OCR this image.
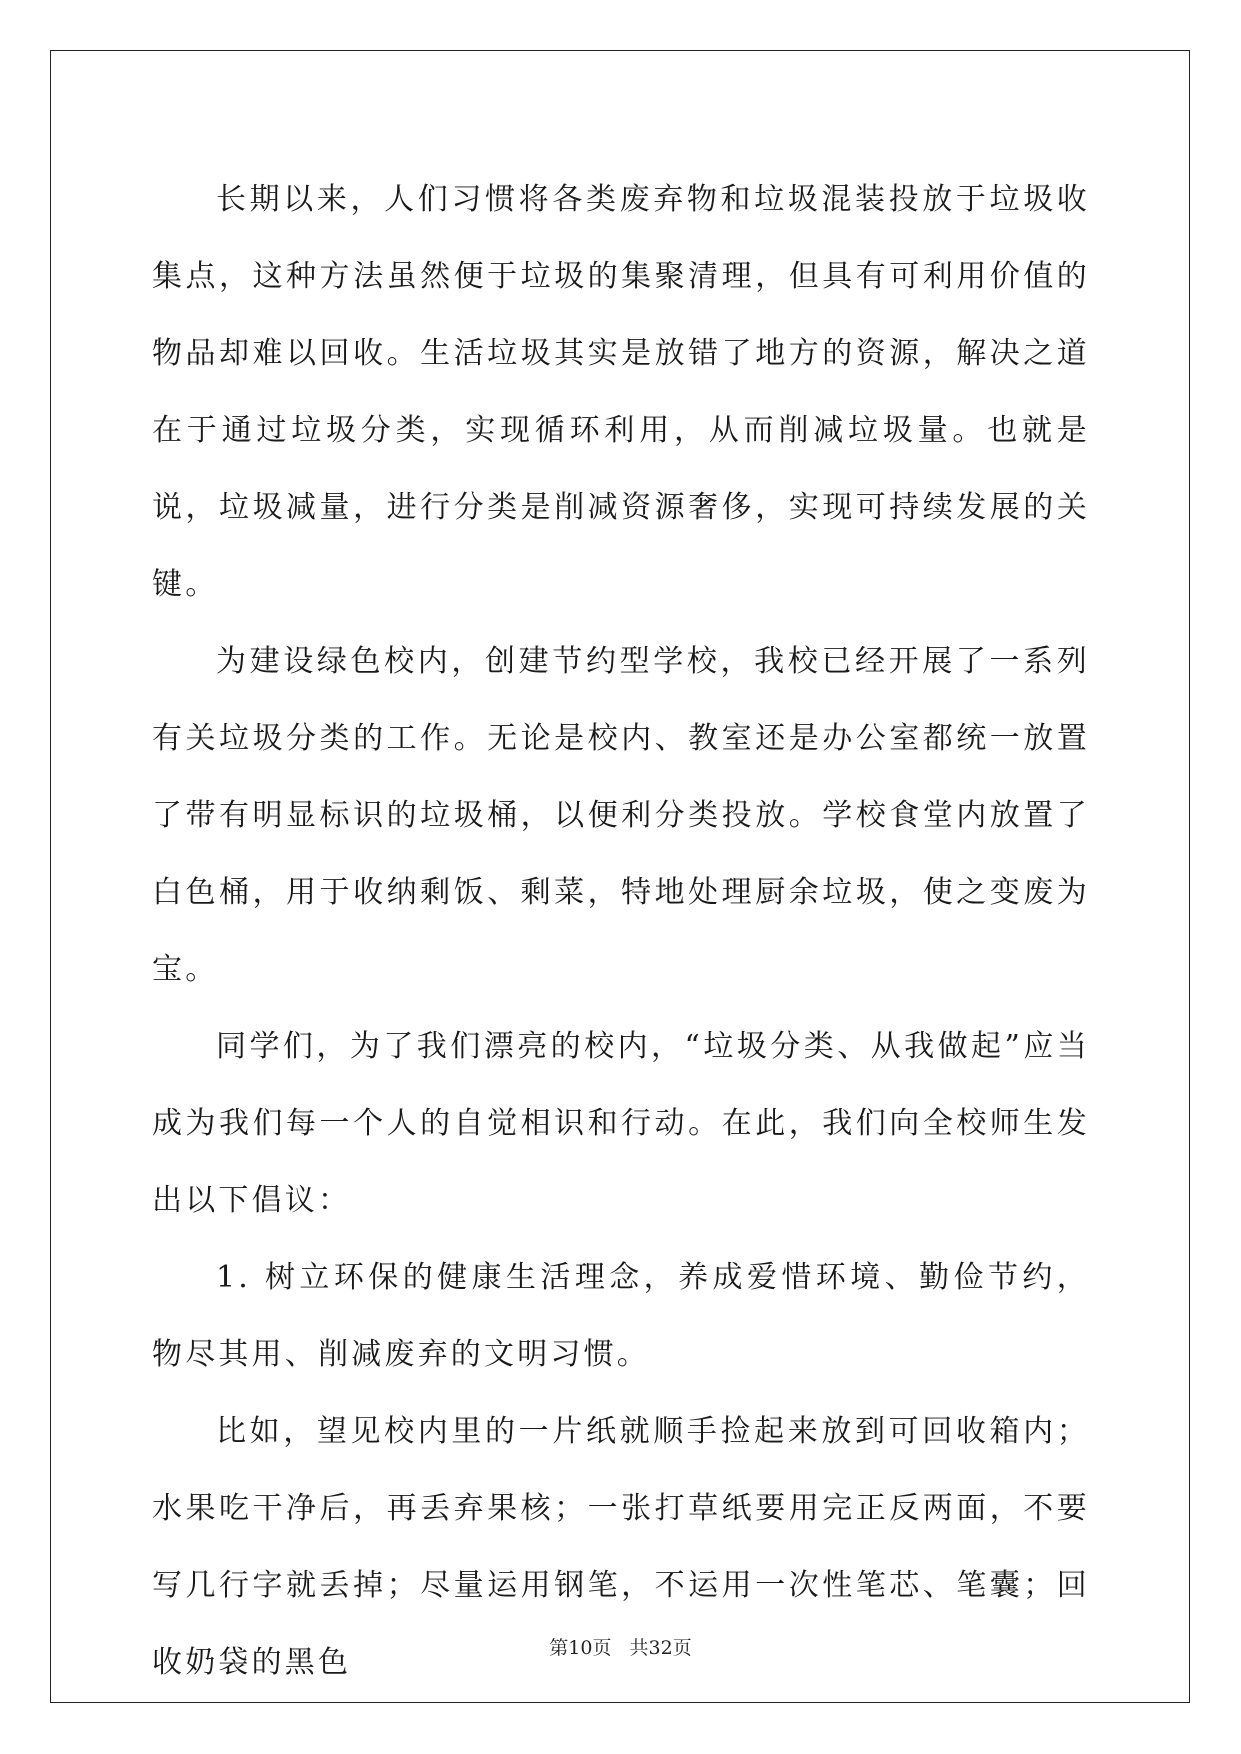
长期以来，人们习惯将各类废弃物和垃圾混装投放于垃圾收集点，这种方法虽然便于垃圾的集聚清理，但具有可利用价值的物品却难以回收。生活垃圾其实是放错了地方的资源，解决之道在于通过垃圾分类，实现循环利用，从而削减垃圾量。也就是说，垃圾减量，进行分类是削减资源奢侈，实现可持续发展的关键。

为建设绿色校内，创建节约型学校，我校已经开展了一系列有关垃圾分类的工作。无论是校内、教室还是办公室都统一放置了带有明显标识的垃圾桶，以便利分类投放。学校食堂内放置了白色桶，用于收纳剩饭、剩菜，特地处理厨余垃圾，使之变废为宝。

同学们，为了我们漂亮的校内，“垃圾分类、从我做起”应当成为我们每一个人的自觉相识和行动。在此，我们向全校师生发出以下倡议：

1. 树立环保的健康生活理念，养成爱惜环境、勤俭节约，物尽其用、削减废弃的文明习惯。

比如，望见校内里的一片纸就顺手捡起来放到可回收箱内；水果吃干净后，再丢弃果核；一张打草纸要用完正反两面，不要写几行字就丢掉；尽量运用钢笔，不运用一次性笔芯、笔囊；回收奶袋的黑色	第10页 共32页
